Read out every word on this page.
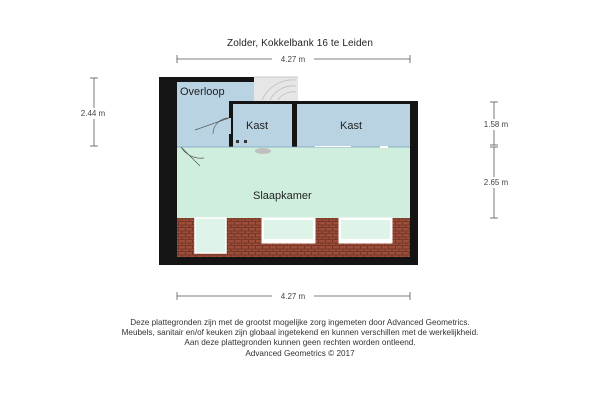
Zolder, Kokkelbank 16 te Leiden
4.27 m
4.27 m
2.44 m
1.58 m
2.65 m
Overloop
Kast	Kast
Slaapkamer
Deze plattegronden zijn met de grootst mogelijke zorg ingemeten door Advanced Geometrics.
Meubels, sanitair en/of keuken zijn globaal ingetekend en kunnen verschillen met de werkelijkheid.
Aan deze plattegronden kunnen geen rechten worden ontleend.
Advanced Geometrics © 2017
